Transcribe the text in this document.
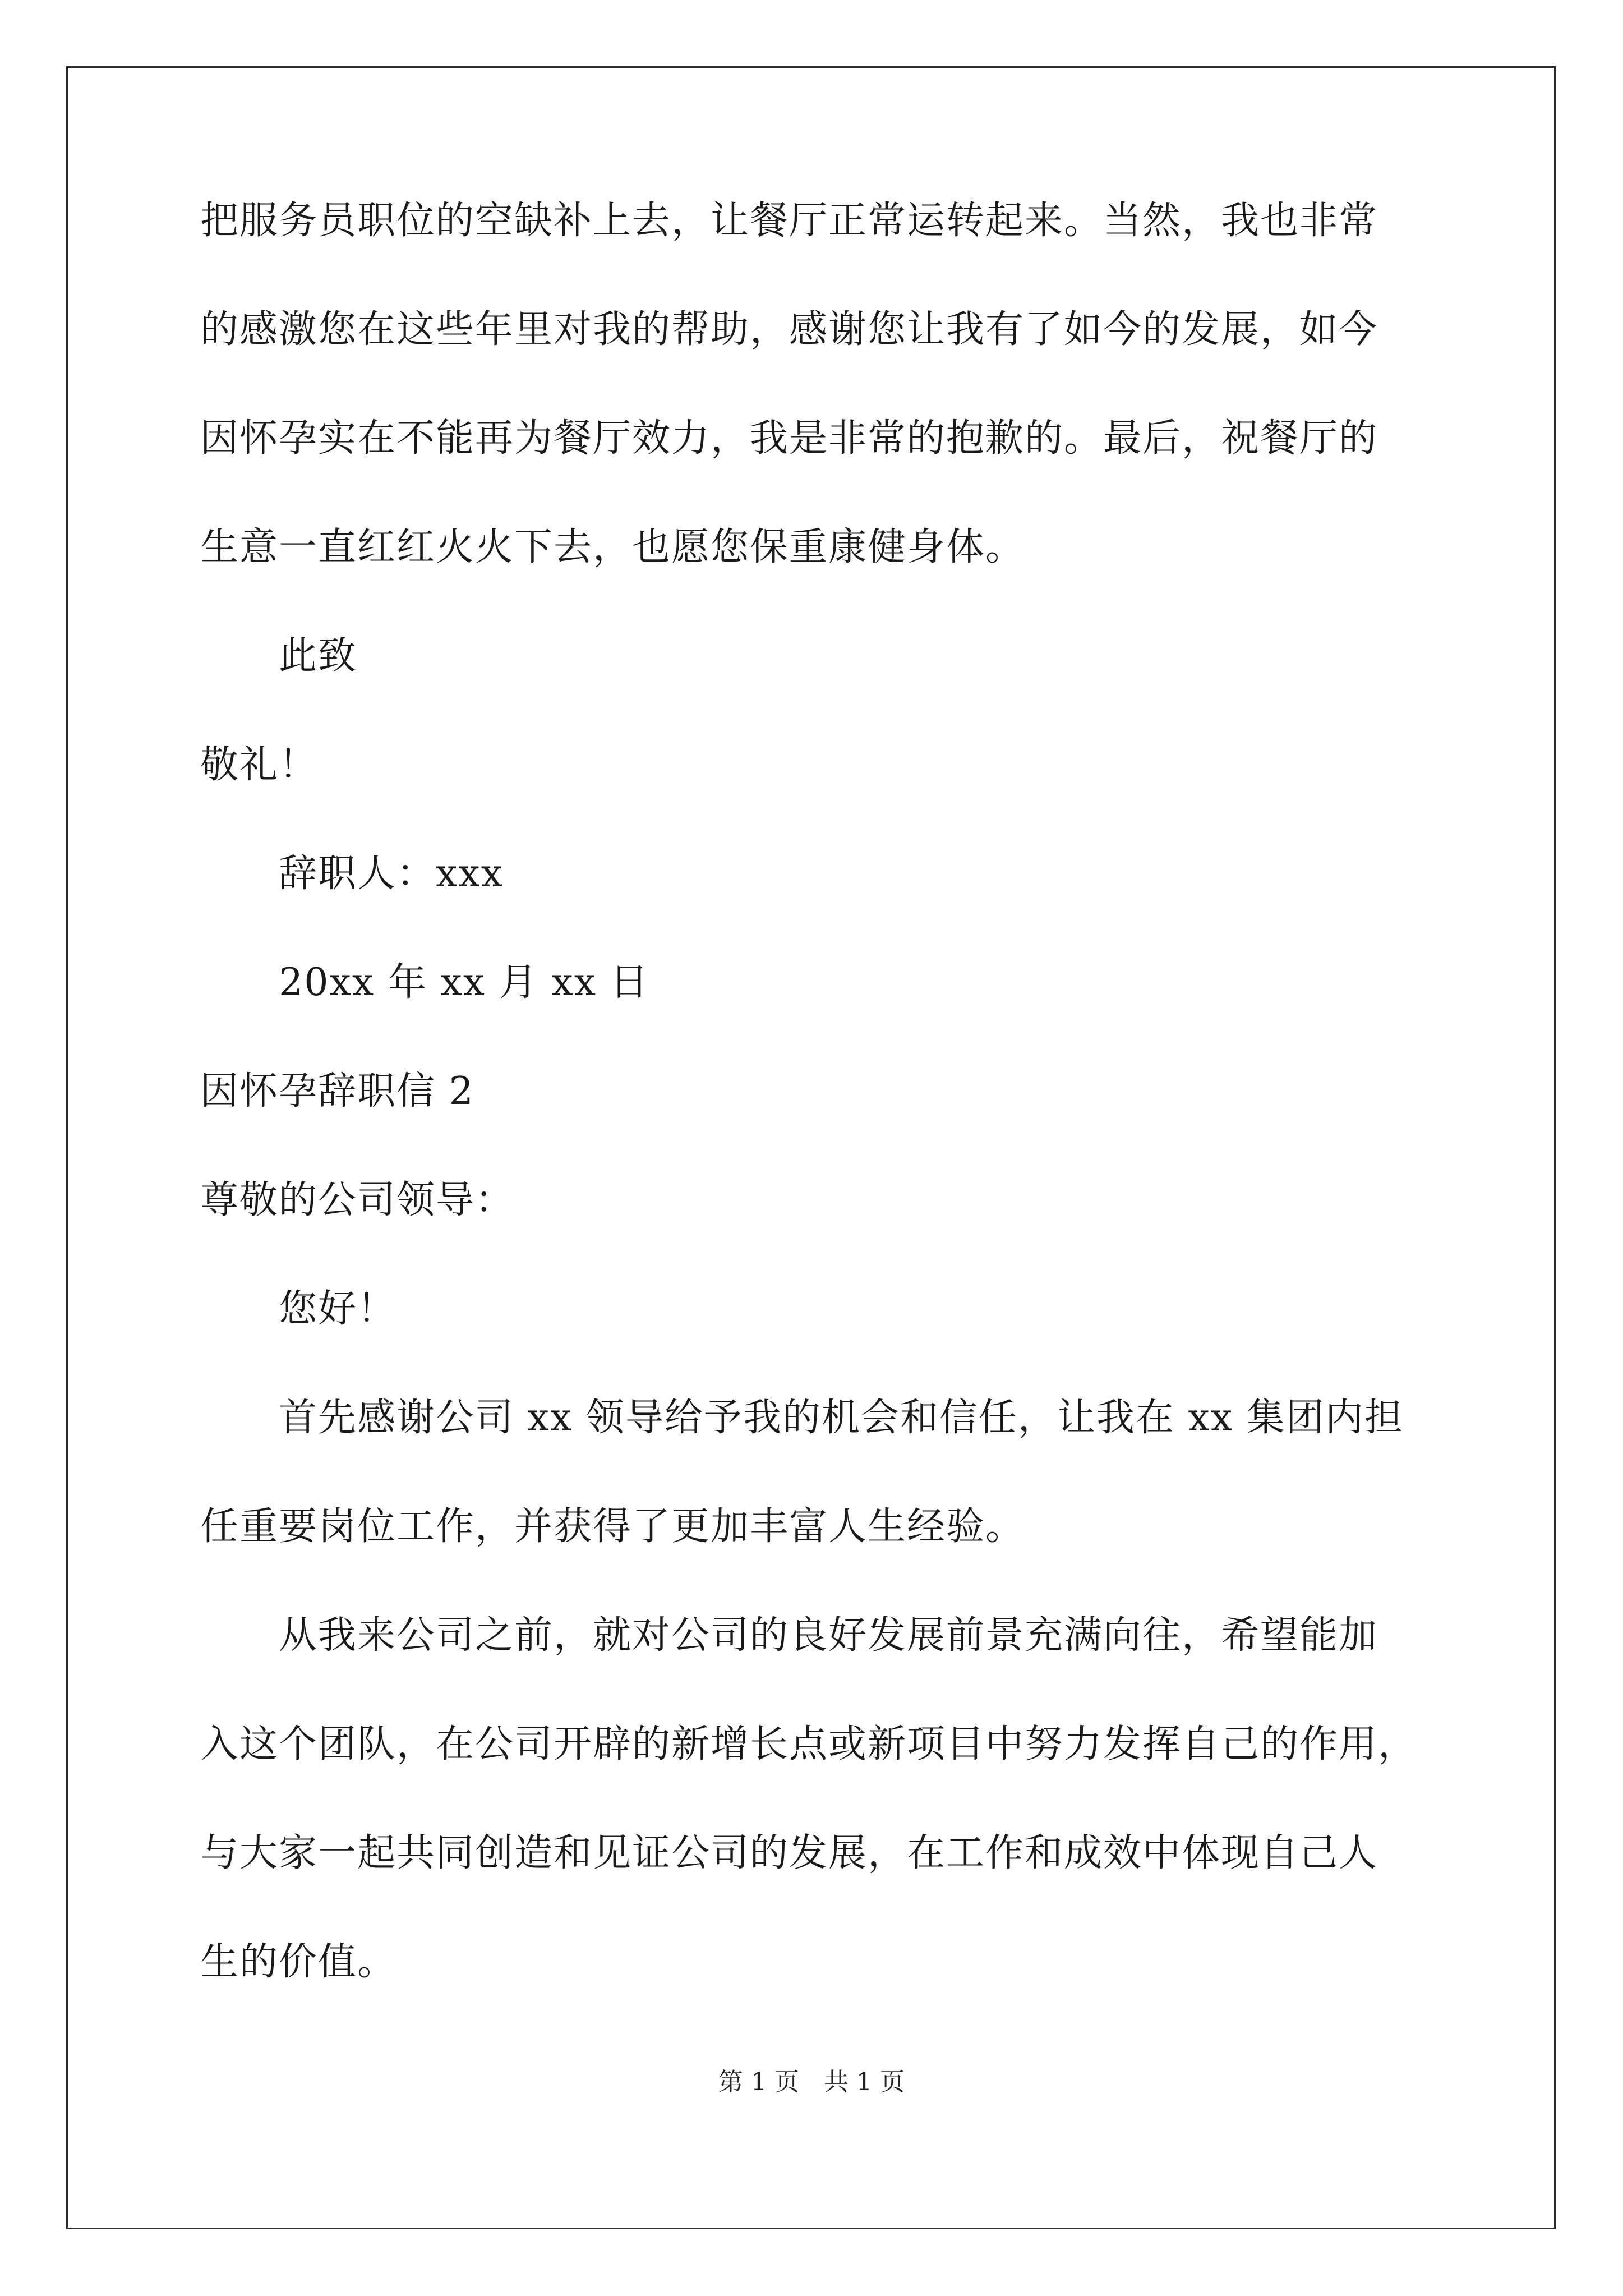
把服务员职位的空缺补上去，让餐厅正常运转起来。当然，我也非常
的感激您在这些年里对我的帮助，感谢您让我有了如今的发展，如今
因怀孕实在不能再为餐厅效力，我是非常的抱歉的。最后，祝餐厅的
生意一直红红火火下去，也愿您保重康健身体。
此致
敬礼！
辞职人：xxx
20xx 年 xx 月 xx 日
因怀孕辞职信 2
尊敬的公司领导：
您好！
首先感谢公司 xx 领导给予我的机会和信任，让我在 xx 集团内担
任重要岗位工作，并获得了更加丰富人生经验。
从我来公司之前，就对公司的良好发展前景充满向往，希望能加
入这个团队，在公司开辟的新增长点或新项目中努力发挥自己的作用，
与大家一起共同创造和见证公司的发展，在工作和成效中体现自己人
生的价值。
第 1 页　共 1 页
